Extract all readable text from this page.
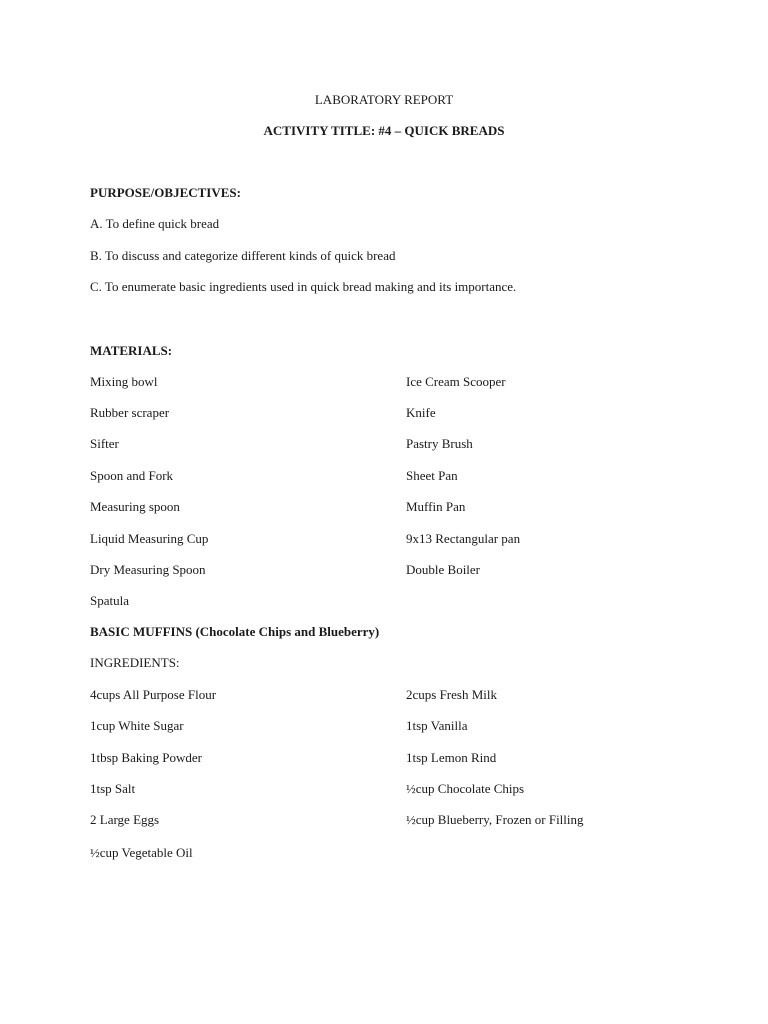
LABORATORY REPORT
ACTIVITY TITLE: #4 – QUICK BREADS
PURPOSE/OBJECTIVES:
A. To define quick bread
B. To discuss and categorize different kinds of quick bread
C. To enumerate basic ingredients used in quick bread making and its importance.
MATERIALS:
Mixing bowl	Ice Cream Scooper
Rubber scraper	Knife
Sifter	Pastry Brush
Spoon and Fork	Sheet Pan
Measuring spoon	Muffin Pan
Liquid Measuring Cup	9x13 Rectangular pan
Dry Measuring Spoon	Double Boiler
Spatula
BASIC MUFFINS (Chocolate Chips and Blueberry)
INGREDIENTS:
4cups All Purpose Flour	2cups Fresh Milk
1cup White Sugar	1tsp Vanilla
1tbsp Baking Powder	1tsp Lemon Rind
1tsp Salt	½cup Chocolate Chips
2 Large Eggs	½cup Blueberry, Frozen or Filling
½cup Vegetable Oil
